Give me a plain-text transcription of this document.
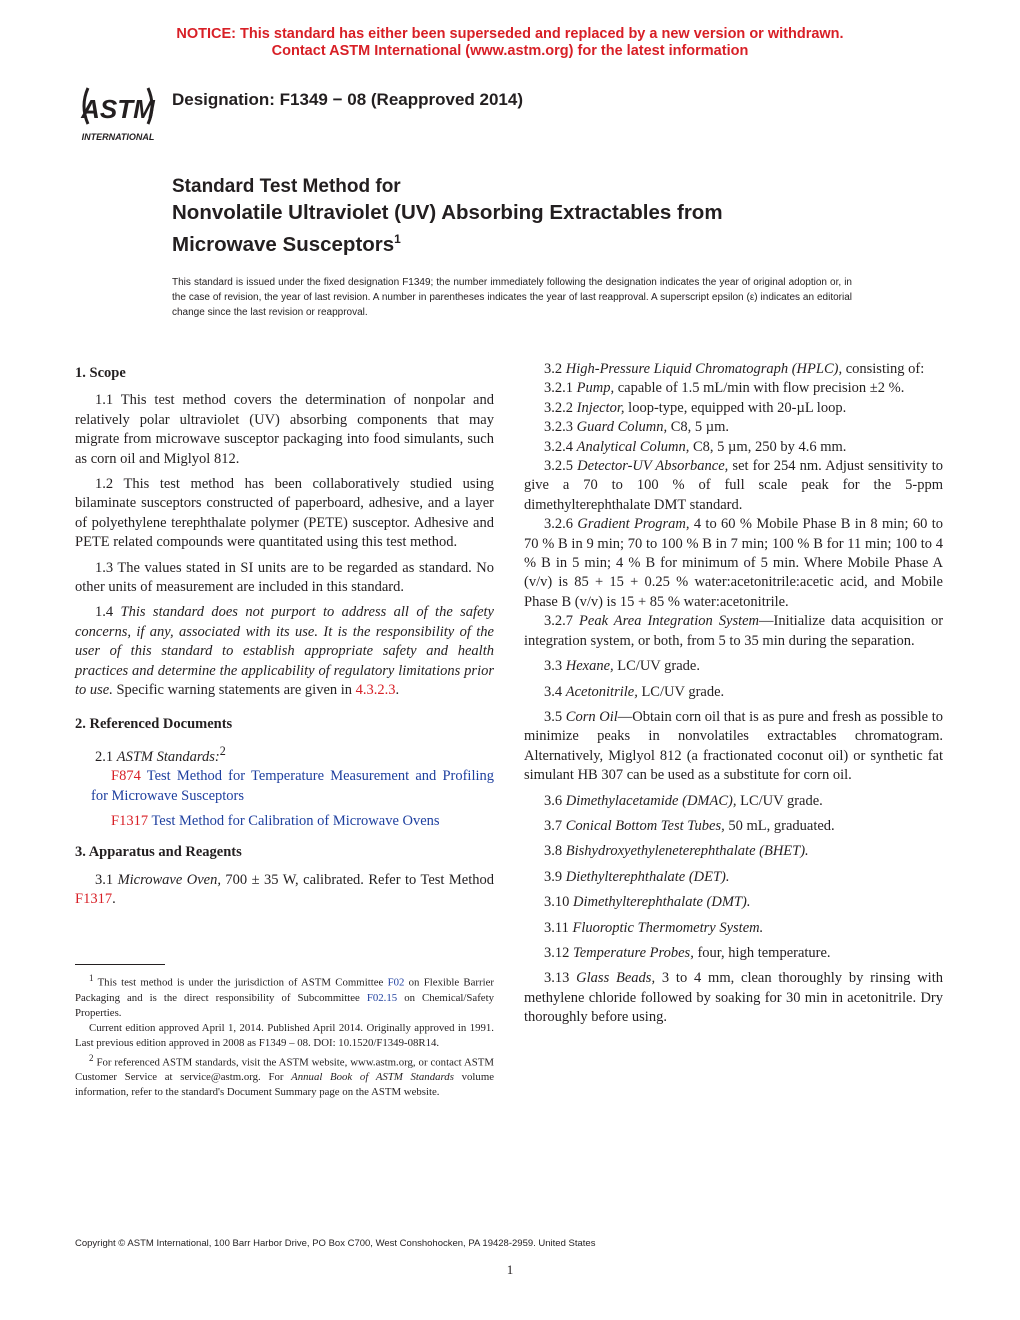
NOTICE: This standard has either been superseded and replaced by a new version or withdrawn.
Contact ASTM International (www.astm.org) for the latest information
ASTM
INTERNATIONAL
Designation: F1349 − 08 (Reapproved 2014)
Standard Test Method for
Nonvolatile Ultraviolet (UV) Absorbing Extractables from
Microwave Susceptors$^1$
This standard is issued under the fixed designation F1349; the number immediately following the designation indicates the year of original adoption or, in the case of revision, the year of last revision. A number in parentheses indicates the year of last reapproval. A superscript epsilon (ε) indicates an editorial change since the last revision or reapproval.
1. Scope

1.1 This test method covers the determination of nonpolar and relatively polar ultraviolet (UV) absorbing components that may migrate from microwave susceptor packaging into food simulants, such as corn oil and Miglyol 812.

1.2 This test method has been collaboratively studied using bilaminate susceptors constructed of paperboard, adhesive, and a layer of polyethylene terephthalate polymer (PETE) susceptor. Adhesive and PETE related compounds were quantitated using this test method.

1.3 The values stated in SI units are to be regarded as standard. No other units of measurement are included in this standard.

1.4 This standard does not purport to address all of the safety concerns, if any, associated with its use. It is the responsibility of the user of this standard to establish appropriate safety and health practices and determine the applicability of regulatory limitations prior to use. Specific warning statements are given in 4.3.2.3.

2. Referenced Documents

2.1 ASTM Standards:$^2$

F874 Test Method for Temperature Measurement and Profiling for Microwave Susceptors

F1317 Test Method for Calibration of Microwave Ovens

3. Apparatus and Reagents

3.1 Microwave Oven, 700 ± 35 W, calibrated. Refer to Test Method F1317.

$^1$ This test method is under the jurisdiction of ASTM Committee F02 on Flexible Barrier Packaging and is the direct responsibility of Subcommittee F02.15 on Chemical/Safety Properties.

Current edition approved April 1, 2014. Published April 2014. Originally approved in 1991. Last previous edition approved in 2008 as F1349 – 08. DOI: 10.1520/F1349-08R14.

$^2$ For referenced ASTM standards, visit the ASTM website, www.astm.org, or contact ASTM Customer Service at service@astm.org. For Annual Book of ASTM Standards volume information, refer to the standard's Document Summary page on the ASTM website.

3.2 High-Pressure Liquid Chromatograph (HPLC), consisting of:

3.2.1 Pump, capable of 1.5 mL/min with flow precision ±2 %.

3.2.2 Injector, loop-type, equipped with 20-µL loop.

3.2.3 Guard Column, C8, 5 µm.

3.2.4 Analytical Column, C8, 5 µm, 250 by 4.6 mm.

3.2.5 Detector-UV Absorbance, set for 254 nm. Adjust sensitivity to give a 70 to 100 % of full scale peak for the 5-ppm dimethylterephthalate DMT standard.

3.2.6 Gradient Program, 4 to 60 % Mobile Phase B in 8 min; 60 to 70 % B in 9 min; 70 to 100 % B in 7 min; 100 % B for 11 min; 100 to 4 % B in 5 min; 4 % B for minimum of 5 min. Where Mobile Phase A (v/v) is 85 + 15 + 0.25 % water:acetonitrile:acetic acid, and Mobile Phase B (v/v) is 15 + 85 % water:acetonitrile.

3.2.7 Peak Area Integration System—Initialize data acquisition or integration system, or both, from 5 to 35 min during the separation.

3.3 Hexane, LC/UV grade.

3.4 Acetonitrile, LC/UV grade.

3.5 Corn Oil—Obtain corn oil that is as pure and fresh as possible to minimize peaks in nonvolatiles extractables chromatogram. Alternatively, Miglyol 812 (a fractionated coconut oil) or synthetic fat simulant HB 307 can be used as a substitute for corn oil.

3.6 Dimethylacetamide (DMAC), LC/UV grade.

3.7 Conical Bottom Test Tubes, 50 mL, graduated.

3.8 Bishydroxyethyleneterephthalate (BHET).

3.9 Diethylterephthalate (DET).

3.10 Dimethylterephthalate (DMT).

3.11 Fluoroptic Thermometry System.

3.12 Temperature Probes, four, high temperature.

3.13 Glass Beads, 3 to 4 mm, clean thoroughly by rinsing with methylene chloride followed by soaking for 30 min in acetonitrile. Dry thoroughly before using.

Copyright © ASTM International, 100 Barr Harbor Drive, PO Box C700, West Conshohocken, PA 19428-2959. United States
1
